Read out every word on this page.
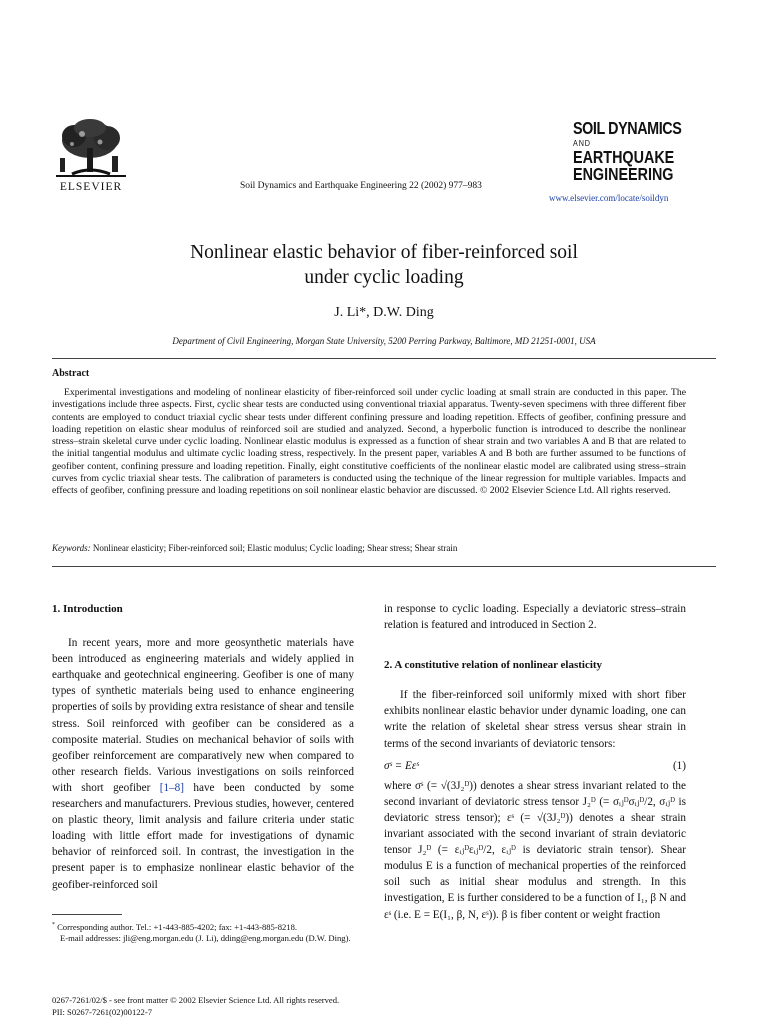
ELSEVIER	Soil Dynamics and Earthquake Engineering 22 (2002) 977–983
SOIL DYNAMICS
AND
EARTHQUAKE
ENGINEERING
www.elsevier.com/locate/soildyn
Nonlinear elastic behavior of fiber-reinforced soil
under cyclic loading
J. Li*, D.W. Ding
Department of Civil Engineering, Morgan State University, 5200 Perring Parkway, Baltimore, MD 21251-0001, USA
Abstract
Experimental investigations and modeling of nonlinear elasticity of fiber-reinforced soil under cyclic loading at small strain are conducted in this paper. The investigations include three aspects. First, cyclic shear tests are conducted using conventional triaxial apparatus. Twenty-seven specimens with three different fiber contents are employed to conduct triaxial cyclic shear tests under different confining pressure and loading repetition. Effects of geofiber, confining pressure and loading repetition on elastic shear modulus of reinforced soil are studied and analyzed. Second, a hyperbolic function is introduced to describe the nonlinear stress–strain skeletal curve under cyclic loading. Nonlinear elastic modulus is expressed as a function of shear strain and two variables A and B that are related to the initial tangential modulus and ultimate cyclic loading stress, respectively. In the present paper, variables A and B both are further assumed to be functions of geofiber content, confining pressure and loading repetition. Finally, eight constitutive coefficients of the nonlinear elastic model are calibrated using stress–strain curves from cyclic triaxial shear tests. The calibration of parameters is conducted using the technique of the linear regression for multiple variables. Impacts and effects of geofiber, confining pressure and loading repetitions on soil nonlinear elastic behavior are discussed. © 2002 Elsevier Science Ltd. All rights reserved.
Keywords: Nonlinear elasticity; Fiber-reinforced soil; Elastic modulus; Cyclic loading; Shear stress; Shear strain

1. Introduction

In recent years, more and more geosynthetic materials have been introduced as engineering materials and widely applied in earthquake and geotechnical engineering. Geofiber is one of many types of synthetic materials being used to enhance engineering properties of soils by providing extra resistance of shear and tensile stress. Soil reinforced with geofiber can be considered as a composite material. Studies on mechanical behavior of soils with geofiber reinforcement are comparatively new when compared to other research fields. Various investigations on soils reinforced with short geofiber [1–8] have been conducted by some researchers and manufacturers. Previous studies, however, centered on plastic theory, limit analysis and failure criteria under static loading with little effort made for investigations of dynamic behavior of reinforced soil. In contrast, the investigation in the present paper is to emphasize nonlinear elastic behavior of the geofiber-reinforced soil

in response to cyclic loading. Especially a deviatoric stress–strain relation is featured and introduced in Section 2.

2. A constitutive relation of nonlinear elasticity

If the fiber-reinforced soil uniformly mixed with short fiber exhibits nonlinear elastic behavior under dynamic loading, one can write the relation of skeletal shear stress versus shear strain in terms of the second invariants of deviatoric tensors:

σˢ = Eεˢ	(1)

where σˢ (= √(3J₂ᴰ)) denotes a shear stress invariant related to the second invariant of deviatoric stress tensor J₂ᴰ (= σᵢⱼᴰσᵢⱼᴰ/2, σᵢⱼᴰ is deviatoric stress tensor); εˢ (= √(3J₂ᴰ)) denotes a shear strain invariant associated with the second invariant of strain deviatoric tensor J₂ᴰ (= εᵢⱼᴰεᵢⱼᴰ/2, εᵢⱼᴰ is deviatoric strain tensor). Shear modulus E is a function of mechanical properties of the reinforced soil such as initial shear modulus and strength. In this investigation, E is further considered to be a function of I₁, β N and εˢ (i.e. E = E(I₁, β, N, εˢ)). β is fiber content or weight fraction

* Corresponding author. Tel.: +1-443-885-4202; fax: +1-443-885-8218.
E-mail addresses: jli@eng.morgan.edu (J. Li), dding@eng.morgan.edu (D.W. Ding).
0267-7261/02/$ - see front matter © 2002 Elsevier Science Ltd. All rights reserved.
PII: S0267-7261(02)00122-7
